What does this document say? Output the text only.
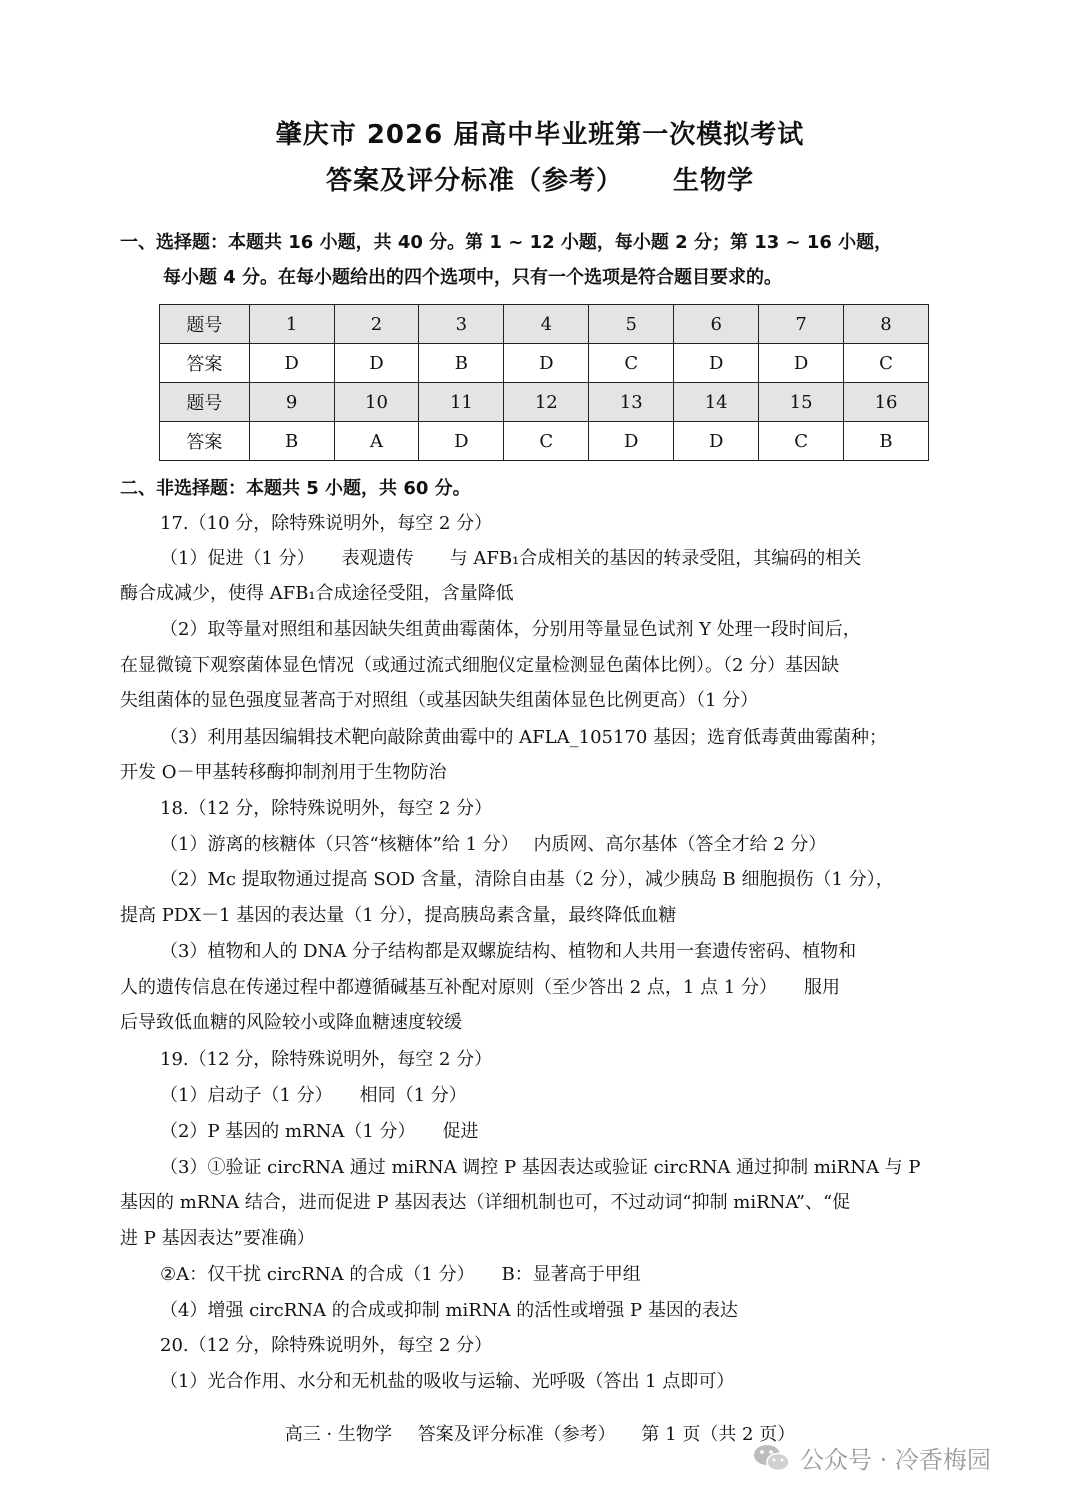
肇庆市 2026 届高中毕业班第一次模拟考试
答案及评分标准（参考） 生物学
一、选择题：本题共 16 小题，共 40 分。第 1 ~ 12 小题，每小题 2 分；第 13 ~ 16 小题，
每小题 4 分。在每小题给出的四个选项中，只有一个选项是符合题目要求的。
题号	1	2	3	4	5	6	7	8
答案	D	D	B	D	C	D	D	C
题号	9	10	11	12	13	14	15	16
答案	B	A	D	C	D	D	C	B
二、非选择题：本题共 5 小题，共 60 分。
17.（10 分，除特殊说明外，每空 2 分）
（1）促进（1 分）　　表观遗传　　与 AFB₁合成相关的基因的转录受阻，其编码的相关
酶合成减少，使得 AFB₁合成途径受阻，含量降低
（2）取等量对照组和基因缺失组黄曲霉菌体，分别用等量显色试剂 Y 处理一段时间后，
在显微镜下观察菌体显色情况（或通过流式细胞仪定量检测显色菌体比例）。（2 分）基因缺
失组菌体的显色强度显著高于对照组（或基因缺失组菌体显色比例更高）（1 分）
（3）利用基因编辑技术靶向敲除黄曲霉中的 AFLA_105170 基因；选育低毒黄曲霉菌种；
开发 O－甲基转移酶抑制剂用于生物防治
18.（12 分，除特殊说明外，每空 2 分）
（1）游离的核糖体（只答“核糖体”给 1 分）　 内质网、高尔基体（答全才给 2 分）
（2）Mc 提取物通过提高 SOD 含量，清除自由基（2 分），减少胰岛 B 细胞损伤（1 分），
提高 PDX－1 基因的表达量（1 分），提高胰岛素含量，最终降低血糖
（3）植物和人的 DNA 分子结构都是双螺旋结构、植物和人共用一套遗传密码、植物和
人的遗传信息在传递过程中都遵循碱基互补配对原则（至少答出 2 点，1 点 1 分）　　服用
后导致低血糖的风险较小或降血糖速度较缓
19.（12 分，除特殊说明外，每空 2 分）
（1）启动子（1 分）　　相同（1 分）
（2）P 基因的 mRNA（1 分）　　促进
（3）①验证 circRNA 通过 miRNA 调控 P 基因表达或验证 circRNA 通过抑制 miRNA 与 P
基因的 mRNA 结合，进而促进 P 基因表达（详细机制也可，不过动词“抑制 miRNA”、“促
进 P 基因表达”要准确）
②A：仅干扰 circRNA 的合成（1 分）　　B：显著高于甲组
（4）增强 circRNA 的合成或抑制 miRNA 的活性或增强 P 基因的表达
20.（12 分，除特殊说明外，每空 2 分）
（1）光合作用、水分和无机盐的吸收与运输、光呼吸（答出 1 点即可）
高三 · 生物学 答案及评分标准（参考） 第 1 页（共 2 页）
公众号 · 冷香梅园
